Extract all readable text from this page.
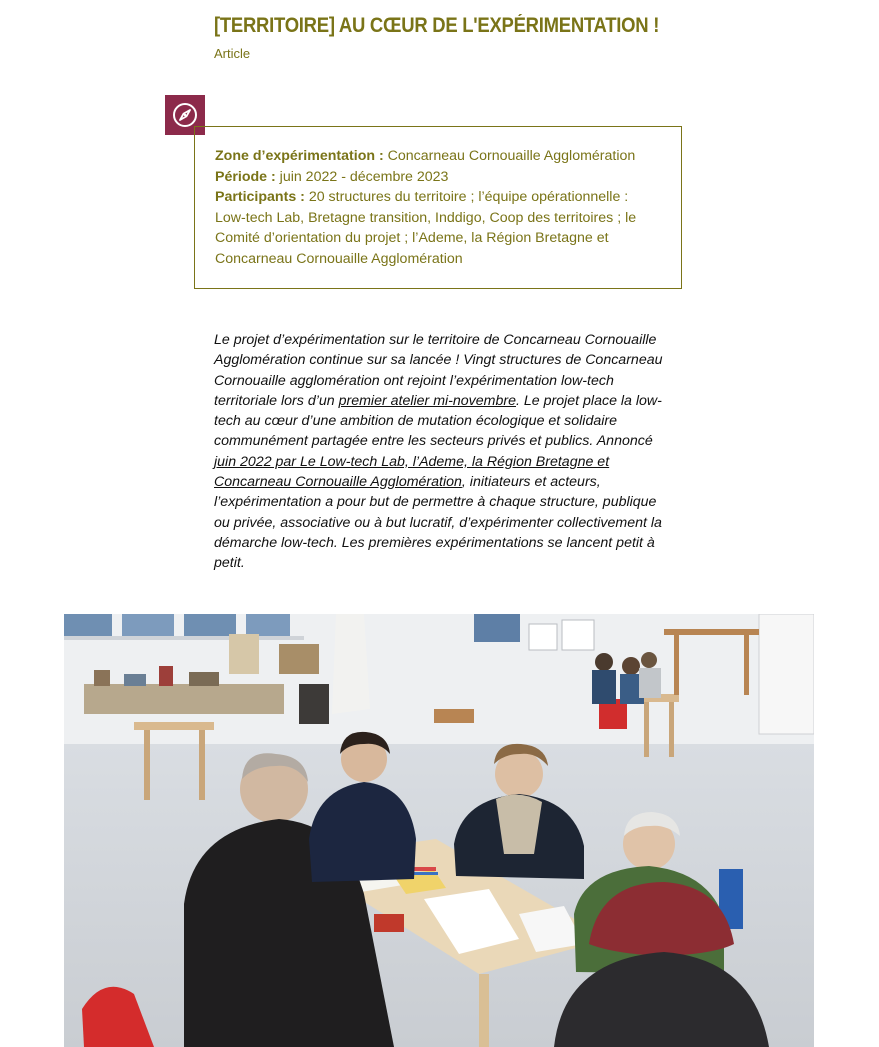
[TERRITOIRE] AU CŒUR DE L'EXPÉRIMENTATION !
Article

Zone d’expérimentation : Concarneau Cornouaille Agglomération

Période : juin 2022 - décembre 2023

Participants : 20 structures du territoire ; l’équipe opérationnelle : Low-tech Lab, Bretagne transition, Inddigo, Coop des territoires ; le Comité d’orientation du projet ; l’Ademe, la Région Bretagne et Concarneau Cornouaille Agglomération

Le projet d’expérimentation sur le territoire de Concarneau Cornouaille Agglomération continue sur sa lancée ! Vingt structures de Concarneau Cornouaille agglomération ont rejoint l’expérimentation low-tech territoriale lors d’un premier atelier mi-novembre. Le projet place la low-tech au cœur d’une ambition de mutation écologique et solidaire communément partagée entre les secteurs privés et publics. Annoncé juin 2022 par Le Low-tech Lab, l’Ademe, la Région Bretagne et Concarneau Cornouaille Agglomération, initiateurs et acteurs, l’expérimentation a pour but de permettre à chaque structure, publique ou privée, associative ou à but lucratif, d’expérimenter collectivement la démarche low-tech. Les premières expérimentations se lancent petit à petit.
